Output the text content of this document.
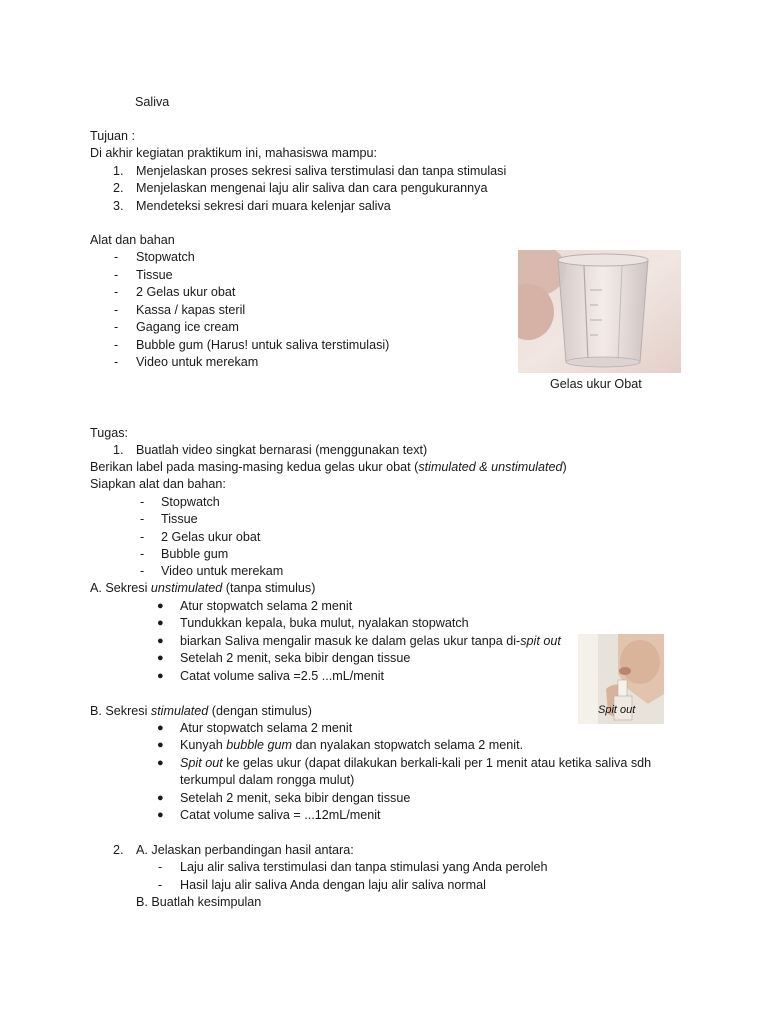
Saliva
Tujuan :
Di akhir kegiatan praktikum ini, mahasiswa mampu:
1. Menjelaskan proses sekresi saliva terstimulasi dan tanpa stimulasi
2. Menjelaskan mengenai laju alir saliva dan cara pengukurannya
3. Mendeteksi sekresi dari muara kelenjar saliva
Alat dan bahan
- Stopwatch
- Tissue
- 2 Gelas ukur obat
- Kassa / kapas steril
- Gagang ice cream
- Bubble gum (Harus! untuk saliva terstimulasi)
- Video untuk merekam
Gelas ukur Obat
Tugas:
1. Buatlah video singkat bernarasi (menggunakan text)
Berikan label pada masing-masing kedua gelas ukur obat (stimulated & unstimulated)
Siapkan alat dan bahan:
- Stopwatch
- Tissue
- 2 Gelas ukur obat
- Bubble gum
- Video untuk merekam
A. Sekresi unstimulated (tanpa stimulus)
● Atur stopwatch selama 2 menit
● Tundukkan kepala, buka mulut, nyalakan stopwatch
● biarkan Saliva mengalir masuk ke dalam gelas ukur tanpa di-spit out
● Setelah 2 menit, seka bibir dengan tissue
● Catat volume saliva =2.5 ...mL/menit
Spit out
B. Sekresi stimulated (dengan stimulus)
● Atur stopwatch selama 2 menit
● Kunyah bubble gum dan nyalakan stopwatch selama 2 menit.
● Spit out ke gelas ukur (dapat dilakukan berkali-kali per 1 menit atau ketika saliva sdh
terkumpul dalam rongga mulut)
● Setelah 2 menit, seka bibir dengan tissue
● Catat volume saliva = ...12mL/menit
2. A. Jelaskan perbandingan hasil antara:
- Laju alir saliva terstimulasi dan tanpa stimulasi yang Anda peroleh
- Hasil laju alir saliva Anda dengan laju alir saliva normal
B. Buatlah kesimpulan
